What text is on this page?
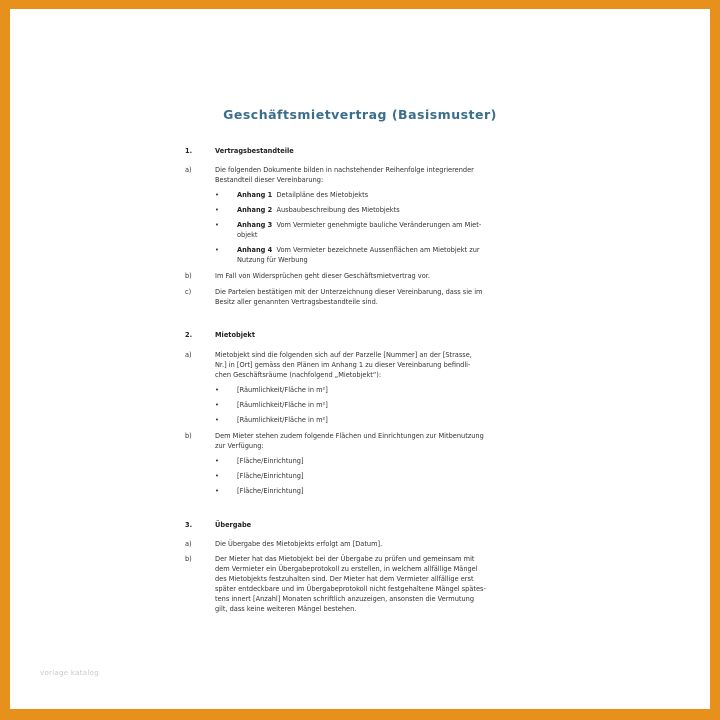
Geschäftsmietvertrag (Basismuster)
1.	Vertragsbestandteile
a)	Die folgenden Dokumente bilden in nachstehender Reihenfolge integrierender
Bestandteil dieser Vereinbarung:
•	Anhang 1 Detailpläne des Mietobjekts
•	Anhang 2 Ausbaubeschreibung des Mietobjekts
•	Anhang 3 Vom Vermieter genehmigte bauliche Veränderungen am Miet-
objekt
•	Anhang 4 Vom Vermieter bezeichnete Aussenflächen am Mietobjekt zur
Nutzung für Werbung
b)	Im Fall von Widersprüchen geht dieser Geschäftsmietvertrag vor.
c)	Die Parteien bestätigen mit der Unterzeichnung dieser Vereinbarung, dass sie im
Besitz aller genannten Vertragsbestandteile sind.
2.	Mietobjekt
a)	Mietobjekt sind die folgenden sich auf der Parzelle [Nummer] an der [Strasse,
Nr.] in [Ort] gemäss den Plänen im Anhang 1 zu dieser Vereinbarung befindli-
chen Geschäftsräume (nachfolgend „Mietobjekt“):
•	[Räumlichkeit/Fläche in m²]
•	[Räumlichkeit/Fläche in m²]
•	[Räumlichkeit/Fläche in m²]
b)	Dem Mieter stehen zudem folgende Flächen und Einrichtungen zur Mitbenutzung
zur Verfügung:
•	[Fläche/Einrichtung]
•	[Fläche/Einrichtung]
•	[Fläche/Einrichtung]
3.	Übergabe
a)	Die Übergabe des Mietobjekts erfolgt am [Datum].
b)	Der Mieter hat das Mietobjekt bei der Übergabe zu prüfen und gemeinsam mit
dem Vermieter ein Übergabeprotokoll zu erstellen, in welchem allfällige Mängel
des Mietobjekts festzuhalten sind. Der Mieter hat dem Vermieter allfällige erst
später entdeckbare und im Übergabeprotokoll nicht festgehaltene Mängel spätes-
tens innert [Anzahl] Monaten schriftlich anzuzeigen, ansonsten die Vermutung
gilt, dass keine weiteren Mängel bestehen.
vorlage katalog
